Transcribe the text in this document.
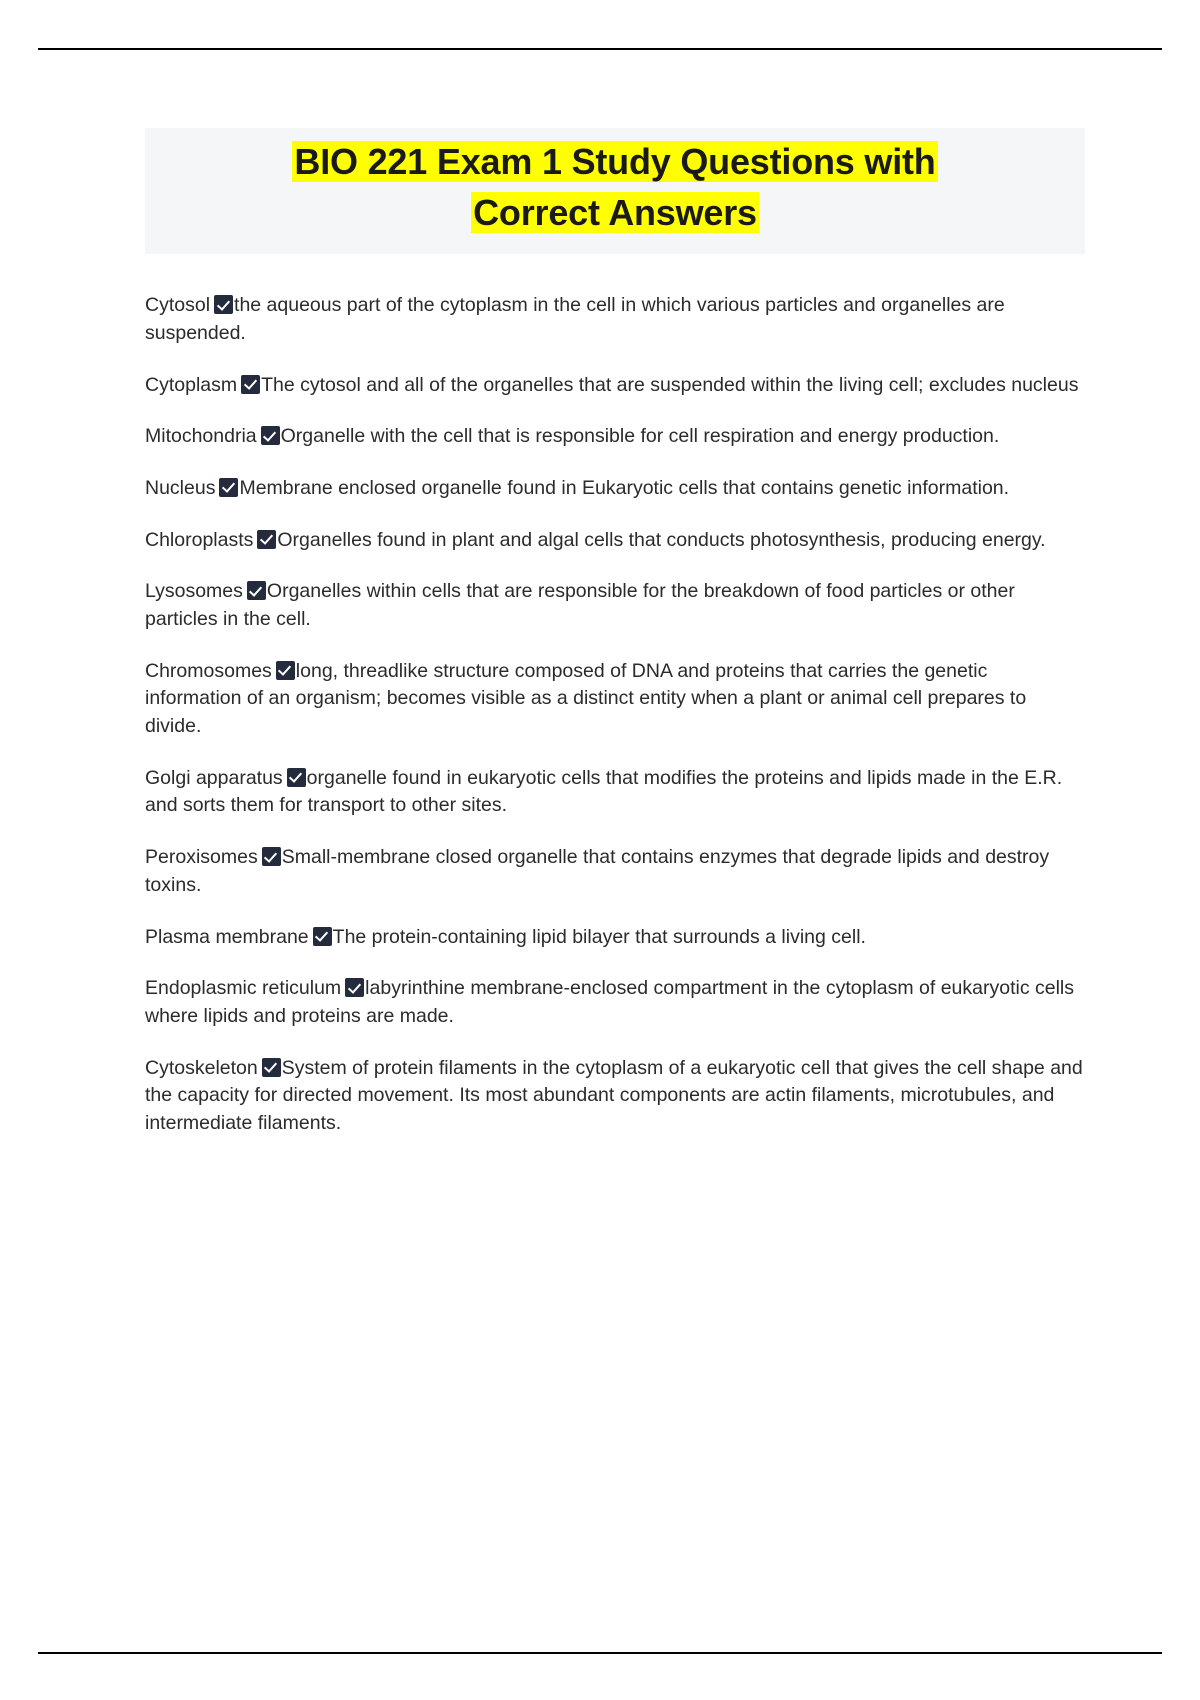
BIO 221 Exam 1 Study Questions with
Correct Answers

Cytosol the aqueous part of the cytoplasm in the cell in which various particles and organelles are suspended.

Cytoplasm The cytosol and all of the organelles that are suspended within the living cell; excludes nucleus

Mitochondria Organelle with the cell that is responsible for cell respiration and energy production.

Nucleus Membrane enclosed organelle found in Eukaryotic cells that contains genetic information.

Chloroplasts Organelles found in plant and algal cells that conducts photosynthesis, producing energy.

Lysosomes Organelles within cells that are responsible for the breakdown of food particles or other particles in the cell.

Chromosomes long, threadlike structure composed of DNA and proteins that carries the genetic information of an organism; becomes visible as a distinct entity when a plant or animal cell prepares to divide.

Golgi apparatus organelle found in eukaryotic cells that modifies the proteins and lipids made in the E.R. and sorts them for transport to other sites.

Peroxisomes Small-membrane closed organelle that contains enzymes that degrade lipids and destroy toxins.

Plasma membrane The protein-containing lipid bilayer that surrounds a living cell.

Endoplasmic reticulum labyrinthine membrane-enclosed compartment in the cytoplasm of eukaryotic cells where lipids and proteins are made.

Cytoskeleton System of protein filaments in the cytoplasm of a eukaryotic cell that gives the cell shape and the capacity for directed movement. Its most abundant components are actin filaments, microtubules, and intermediate filaments.
